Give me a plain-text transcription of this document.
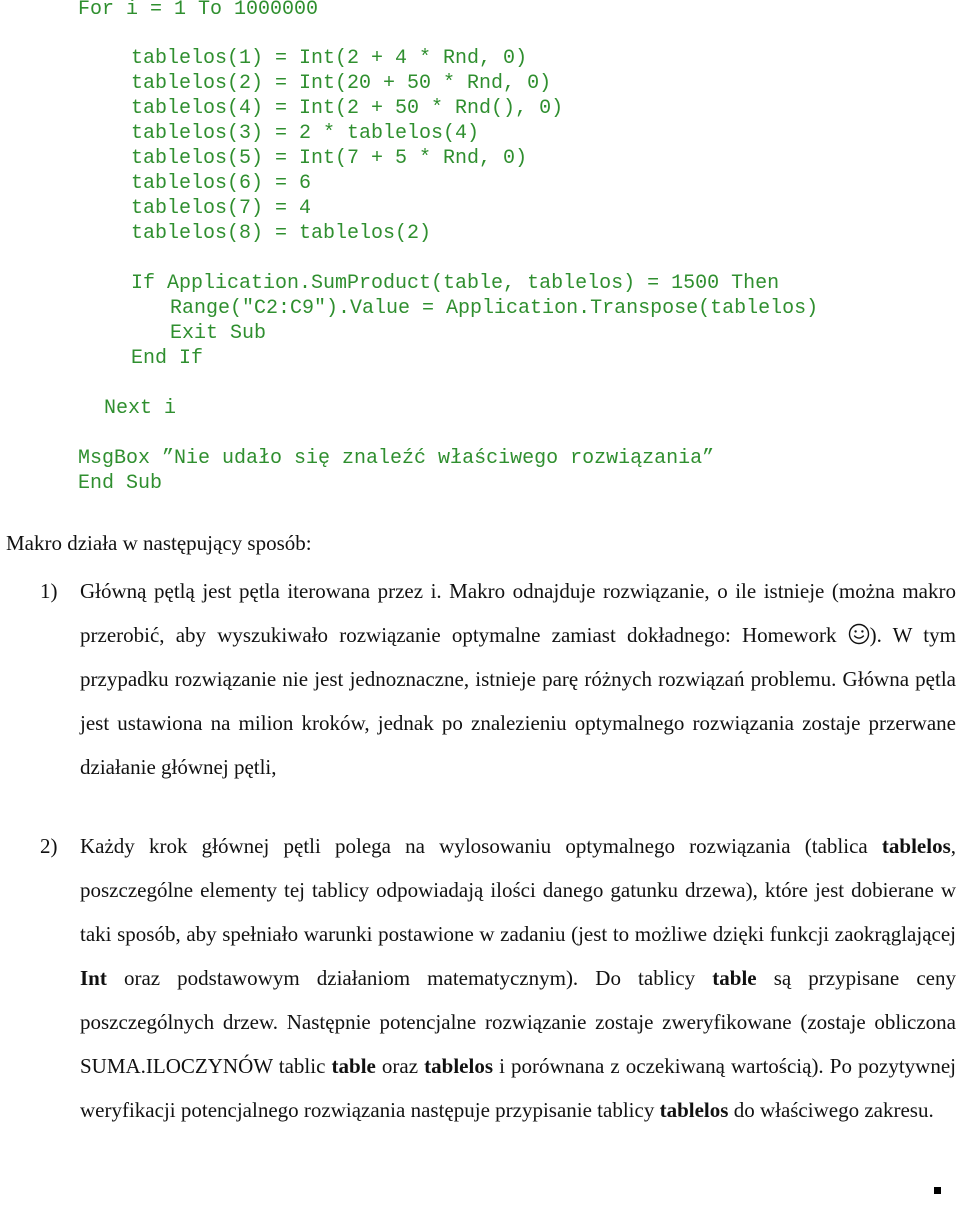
For i = 1 To 1000000
tablelos(1) = Int(2 + 4 * Rnd, 0)
tablelos(2) = Int(20 + 50 * Rnd, 0)
tablelos(4) = Int(2 + 50 * Rnd(), 0)
tablelos(3) = 2 * tablelos(4)
tablelos(5) = Int(7 + 5 * Rnd, 0)
tablelos(6) = 6
tablelos(7) = 4
tablelos(8) = tablelos(2)
If Application.SumProduct(table, tablelos) = 1500 Then
Range("C2:C9").Value = Application.Transpose(tablelos)
Exit Sub
End If
Next i
MsgBox ”Nie udało się znaleźć właściwego rozwiązania”
End Sub

Makro działa w następujący sposób:

1) Główną pętlą jest pętla iterowana przez i. Makro odnajduje rozwiązanie, o ile istnieje (można makro przerobić, aby wyszukiwało rozwiązanie optymalne zamiast dokładnego: Homework
). W tym przypadku rozwiązanie nie jest jednoznaczne, istnieje parę różnych rozwiązań problemu. Główna pętla jest ustawiona na milion kroków, jednak po znalezieniu optymalnego rozwiązania zostaje przerwane działanie głównej pętli,

2) Każdy krok głównej pętli polega na wylosowaniu optymalnego rozwiązania (tablica tablelos, poszczególne elementy tej tablicy odpowiadają ilości danego gatunku drzewa), które jest dobierane w taki sposób, aby spełniało warunki postawione w zadaniu (jest to możliwe dzięki funkcji zaokrąglającej Int oraz podstawowym działaniom matematycznym). Do tablicy table są przypisane ceny poszczególnych drzew. Następnie potencjalne rozwiązanie zostaje zweryfikowane (zostaje obliczona SUMA.ILOCZYNÓW tablic table oraz tablelos i porównana z oczekiwaną wartością). Po pozytywnej weryfikacji potencjalnego rozwiązania następuje przypisanie tablicy tablelos do właściwego zakresu.
